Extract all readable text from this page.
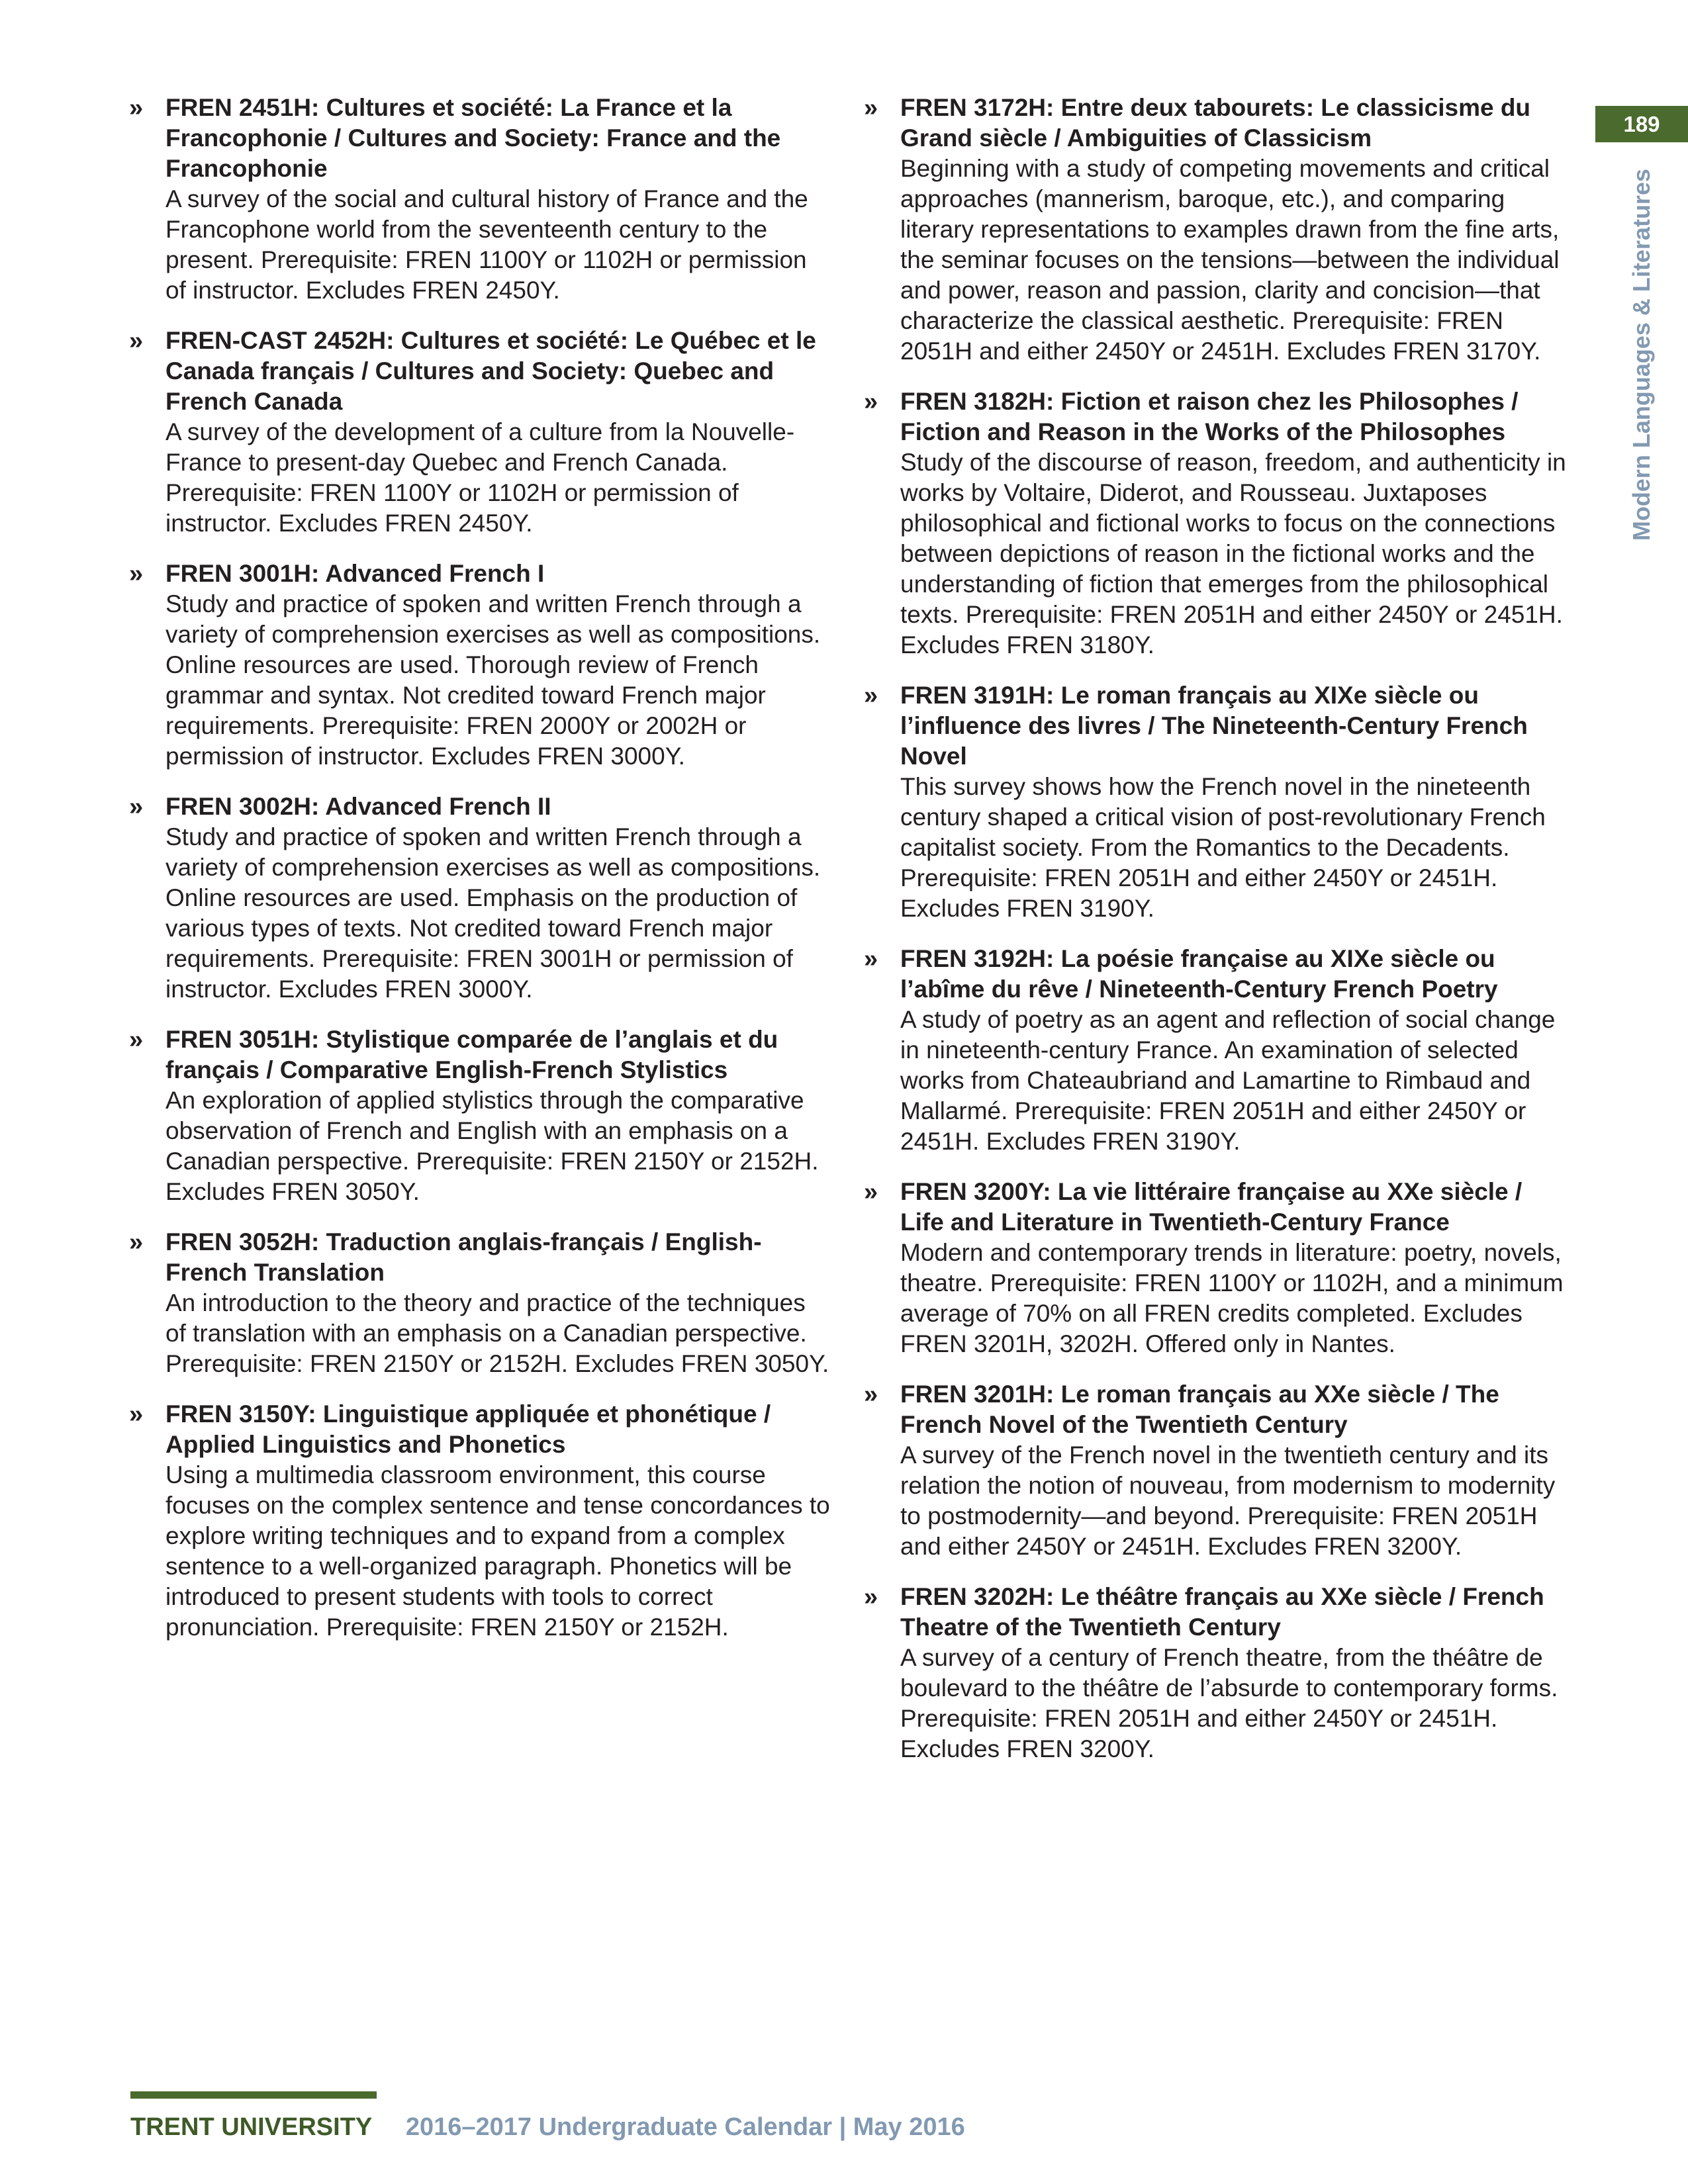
189
Modern Languages & Literatures
» FREN 2451H: Cultures et société: La France et la Francophonie / Cultures and Society: France and the Francophonie
A survey of the social and cultural history of France and the Francophone world from the seventeenth century to the present. Prerequisite: FREN 1100Y or 1102H or permission of instructor. Excludes FREN 2450Y.
» FREN-CAST 2452H: Cultures et société: Le Québec et le Canada français / Cultures and Society: Quebec and French Canada
A survey of the development of a culture from la Nouvelle-France to present-day Quebec and French Canada. Prerequisite: FREN 1100Y or 1102H or permission of instructor. Excludes FREN 2450Y.
» FREN 3001H: Advanced French I
Study and practice of spoken and written French through a variety of comprehension exercises as well as compositions. Online resources are used. Thorough review of French grammar and syntax. Not credited toward French major requirements. Prerequisite: FREN 2000Y or 2002H or permission of instructor. Excludes FREN 3000Y.
» FREN 3002H: Advanced French II
Study and practice of spoken and written French through a variety of comprehension exercises as well as compositions. Online resources are used. Emphasis on the production of various types of texts. Not credited toward French major requirements. Prerequisite: FREN 3001H or permission of instructor. Excludes FREN 3000Y.
» FREN 3051H: Stylistique comparée de l’anglais et du français / Comparative English-French Stylistics
An exploration of applied stylistics through the comparative observation of French and English with an emphasis on a Canadian perspective. Prerequisite: FREN 2150Y or 2152H. Excludes FREN 3050Y.
» FREN 3052H: Traduction anglais-français / English-French Translation
An introduction to the theory and practice of the techniques of translation with an emphasis on a Canadian perspective. Prerequisite: FREN 2150Y or 2152H. Excludes FREN 3050Y.
» FREN 3150Y: Linguistique appliquée et phonétique / Applied Linguistics and Phonetics
Using a multimedia classroom environment, this course focuses on the complex sentence and tense concordances to explore writing techniques and to expand from a complex sentence to a well-organized paragraph. Phonetics will be introduced to present students with tools to correct pronunciation. Prerequisite: FREN 2150Y or 2152H.
» FREN 3172H: Entre deux tabourets: Le classicisme du Grand siècle / Ambiguities of Classicism
Beginning with a study of competing movements and critical approaches (mannerism, baroque, etc.), and comparing literary representations to examples drawn from the fine arts, the seminar focuses on the tensions—between the individual and power, reason and passion, clarity and concision—that characterize the classical aesthetic. Prerequisite: FREN 2051H and either 2450Y or 2451H. Excludes FREN 3170Y.
» FREN 3182H: Fiction et raison chez les Philosophes / Fiction and Reason in the Works of the Philosophes
Study of the discourse of reason, freedom, and authenticity in works by Voltaire, Diderot, and Rousseau. Juxtaposes philosophical and fictional works to focus on the connections between depictions of reason in the fictional works and the understanding of fiction that emerges from the philosophical texts. Prerequisite: FREN 2051H and either 2450Y or 2451H. Excludes FREN 3180Y.
» FREN 3191H: Le roman français au XIXe siècle ou l’influence des livres / The Nineteenth-Century French Novel
This survey shows how the French novel in the nineteenth century shaped a critical vision of post-revolutionary French capitalist society. From the Romantics to the Decadents. Prerequisite: FREN 2051H and either 2450Y or 2451H. Excludes FREN 3190Y.
» FREN 3192H: La poésie française au XIXe siècle ou l’abîme du rêve / Nineteenth-Century French Poetry
A study of poetry as an agent and reflection of social change in nineteenth-century France. An examination of selected works from Chateaubriand and Lamartine to Rimbaud and Mallarmé. Prerequisite: FREN 2051H and either 2450Y or 2451H. Excludes FREN 3190Y.
» FREN 3200Y: La vie littéraire française au XXe siècle / Life and Literature in Twentieth-Century France
Modern and contemporary trends in literature: poetry, novels, theatre. Prerequisite: FREN 1100Y or 1102H, and a minimum average of 70% on all FREN credits completed. Excludes FREN 3201H, 3202H. Offered only in Nantes.
» FREN 3201H: Le roman français au XXe siècle / The French Novel of the Twentieth Century
A survey of the French novel in the twentieth century and its relation the notion of nouveau, from modernism to modernity to postmodernity—and beyond. Prerequisite: FREN 2051H and either 2450Y or 2451H. Excludes FREN 3200Y.
» FREN 3202H: Le théâtre français au XXe siècle / French Theatre of the Twentieth Century
A survey of a century of French theatre, from the théâtre de boulevard to the théâtre de l’absurde to contemporary forms. Prerequisite: FREN 2051H and either 2450Y or 2451H. Excludes FREN 3200Y.
TRENT UNIVERSITY 2016–2017 Undergraduate Calendar | May 2016
